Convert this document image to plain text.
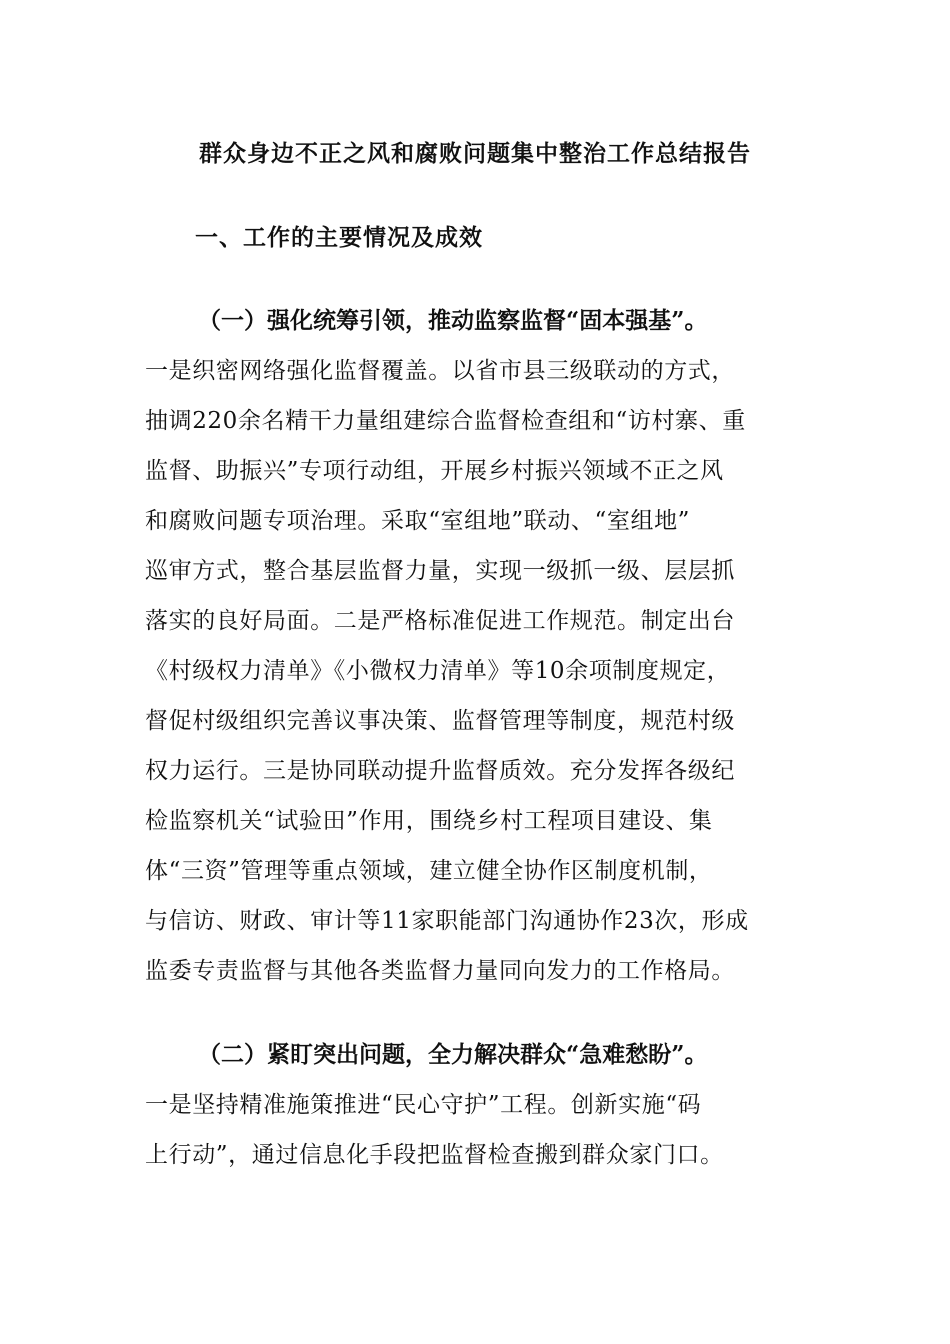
群众身边不正之风和腐败问题集中整治工作总结报告
一、工作的主要情况及成效
（一）强化统筹引领，推动监察监督“固本强基”。
一是织密网络强化监督覆盖。以省市县三级联动的方式，
抽调220余名精干力量组建综合监督检查组和“访村寨、重
监督、助振兴”专项行动组，开展乡村振兴领域不正之风
和腐败问题专项治理。采取“室组地”联动、“室组地”
巡审方式，整合基层监督力量，实现一级抓一级、层层抓
落实的良好局面。二是严格标准促进工作规范。制定出台
《村级权力清单》《小微权力清单》等10余项制度规定，
督促村级组织完善议事决策、监督管理等制度，规范村级
权力运行。三是协同联动提升监督质效。充分发挥各级纪
检监察机关“试验田”作用，围绕乡村工程项目建设、集
体“三资”管理等重点领域，建立健全协作区制度机制，
与信访、财政、审计等11家职能部门沟通协作23次，形成
监委专责监督与其他各类监督力量同向发力的工作格局。
（二）紧盯突出问题，全力解决群众“急难愁盼”。
一是坚持精准施策推进“民心守护”工程。创新实施“码
上行动”，通过信息化手段把监督检查搬到群众家门口。
